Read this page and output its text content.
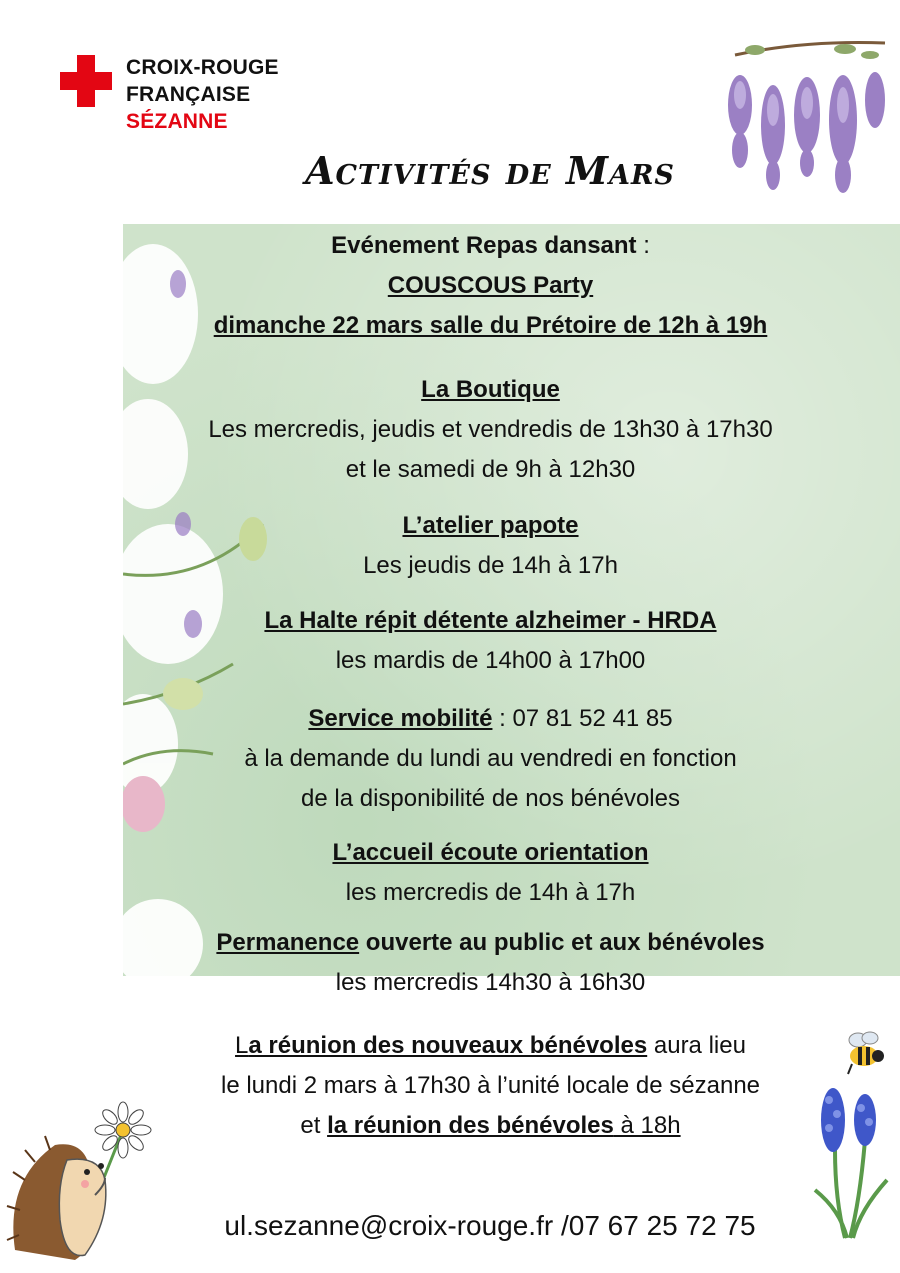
CROIX-ROUGE
FRANÇAISE
SÉZANNE
Activités de Mars
Evénement Repas dansant :
COUSCOUS Party
dimanche 22 mars salle du Prétoire de 12h à 19h
La Boutique
Les mercredis, jeudis et vendredis de 13h30 à 17h30
et le samedi de 9h à 12h30
L’atelier papote
Les jeudis de 14h à 17h
La Halte répit détente alzheimer - HRDA
les mardis de 14h00 à 17h00
Service mobilité : 07 81 52 41 85
à la demande du lundi au vendredi en fonction
de la disponibilité de nos bénévoles
L’accueil écoute orientation
les mercredis de 14h à 17h
Permanence ouverte au public et aux bénévoles
les mercredis 14h30 à 16h30
La réunion des nouveaux bénévoles aura lieu
le lundi 2 mars à 17h30 à l’unité locale de sézanne
et la réunion des bénévoles à 18h
ul.sezanne@croix-rouge.fr /07 67 25 72 75
